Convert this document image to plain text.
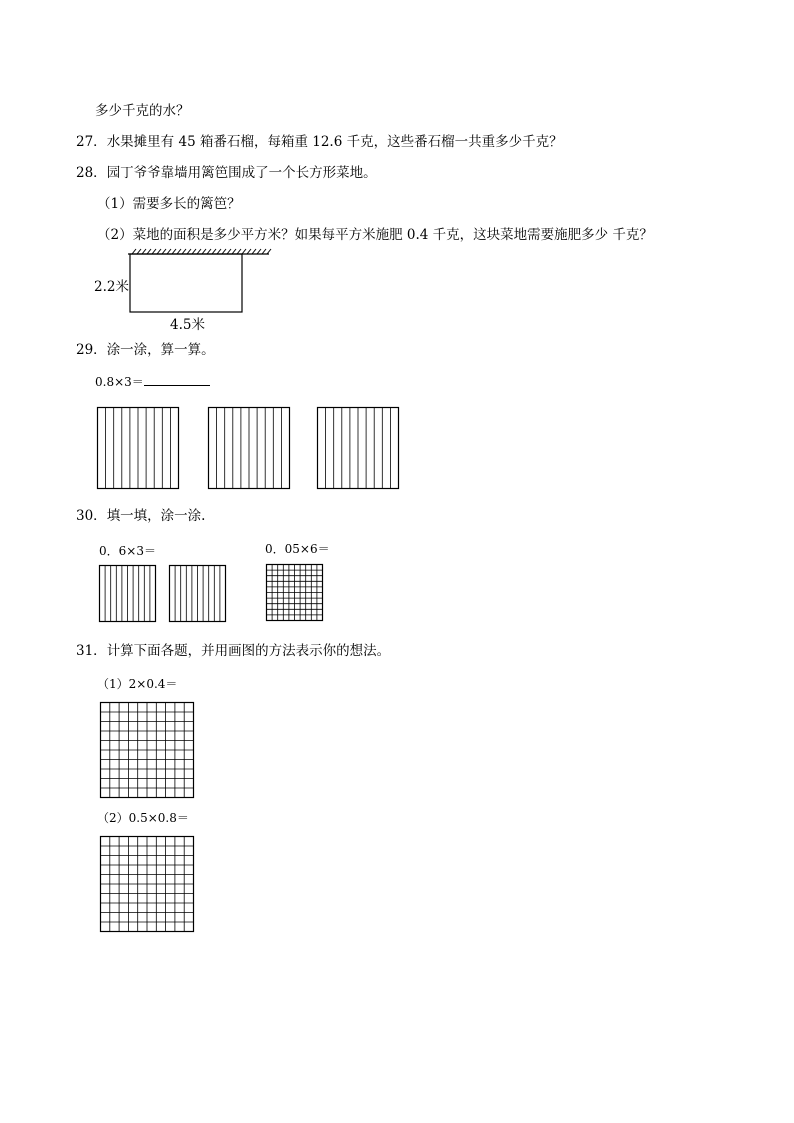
多少千克的水？
27．水果摊里有 45 箱番石榴，每箱重 12.6 千克，这些番石榴一共重多少千克？
28．园丁爷爷靠墙用篱笆围成了一个长方形菜地。
（1）需要多长的篱笆？
（2）菜地的面积是多少平方米？如果每平方米施肥 0.4 千克，这块菜地需要施肥多少 千克？
2.2米
4.5米
29．涂一涂，算一算。
0.8×3＝
30．填一填，涂一涂.
0．6×3＝	0．05×6＝
31．计算下面各题，并用画图的方法表示你的想法。
（1）2×0.4＝
（2）0.5×0.8＝
